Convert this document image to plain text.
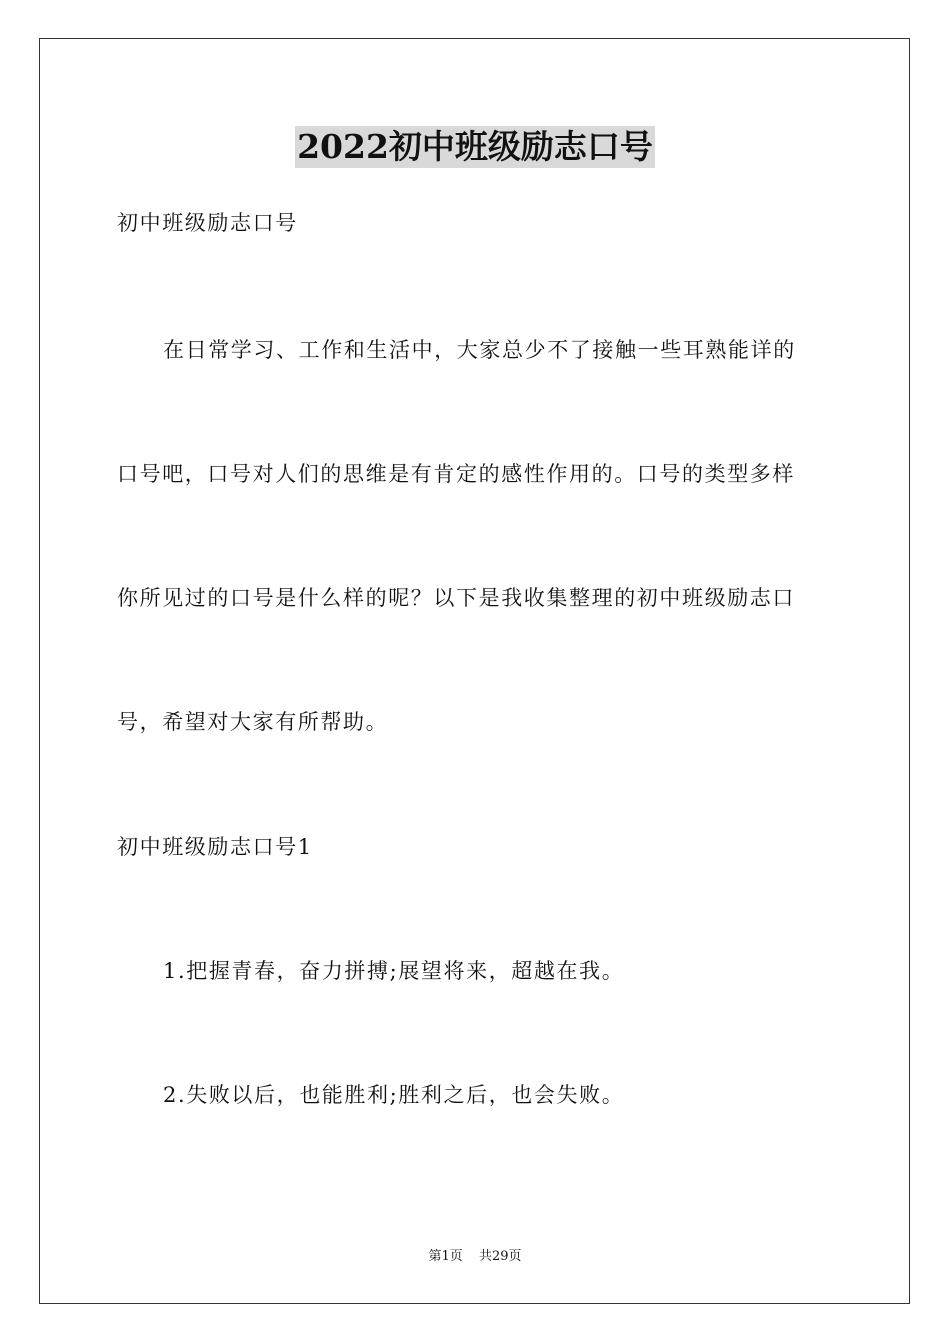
2022初中班级励志口号
初中班级励志口号
在日常学习、工作和生活中，大家总少不了接触一些耳熟能详的
口号吧，口号对人们的思维是有肯定的感性作用的。口号的类型多样
你所见过的口号是什么样的呢？以下是我收集整理的初中班级励志口
号，希望对大家有所帮助。
初中班级励志口号1
1.把握青春，奋力拼搏;展望将来，超越在我。
2.失败以后，也能胜利;胜利之后，也会失败。
第1页 共29页
